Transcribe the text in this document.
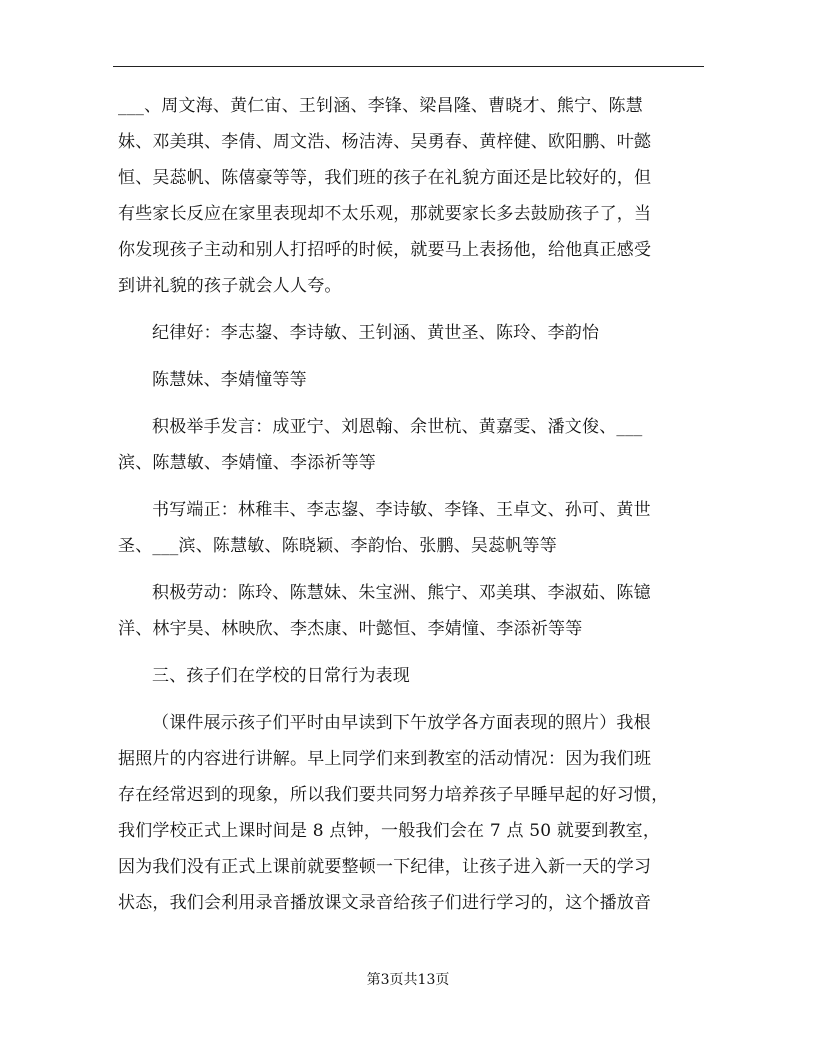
___、周文海、黄仁宙、王钊涵、李锋、梁昌隆、曹晓才、熊宁、陈慧
妹、邓美琪、李倩、周文浩、杨洁涛、吴勇春、黄梓健、欧阳鹏、叶懿
恒、吴蕊帆、陈僖豪等等，我们班的孩子在礼貌方面还是比较好的，但
有些家长反应在家里表现却不太乐观，那就要家长多去鼓励孩子了，当
你发现孩子主动和别人打招呼的时候，就要马上表扬他，给他真正感受
到讲礼貌的孩子就会人人夸。
纪律好：李志鋆、李诗敏、王钊涵、黄世圣、陈玲、李韵怡
陈慧妹、李婧憧等等
积极举手发言：成亚宁、刘恩翰、余世杭、黄嘉雯、潘文俊、___
滨、陈慧敏、李婧憧、李添祈等等
书写端正：林稚丰、李志鋆、李诗敏、李锋、王卓文、孙可、黄世
圣、___滨、陈慧敏、陈晓颖、李韵怡、张鹏、吴蕊帆等等
积极劳动：陈玲、陈慧妹、朱宝洲、熊宁、邓美琪、李淑茹、陈镱
洋、林宇昊、林映欣、李杰康、叶懿恒、李婧憧、李添祈等等
三、孩子们在学校的日常行为表现
（课件展示孩子们平时由早读到下午放学各方面表现的照片）我根
据照片的内容进行讲解。早上同学们来到教室的活动情况：因为我们班
存在经常迟到的现象，所以我们要共同努力培养孩子早睡早起的好习惯，
我们学校正式上课时间是 8 点钟，一般我们会在 7 点 50 就要到教室，
因为我们没有正式上课前就要整顿一下纪律，让孩子进入新一天的学习
状态，我们会利用录音播放课文录音给孩子们进行学习的，这个播放音
第3页共13页
